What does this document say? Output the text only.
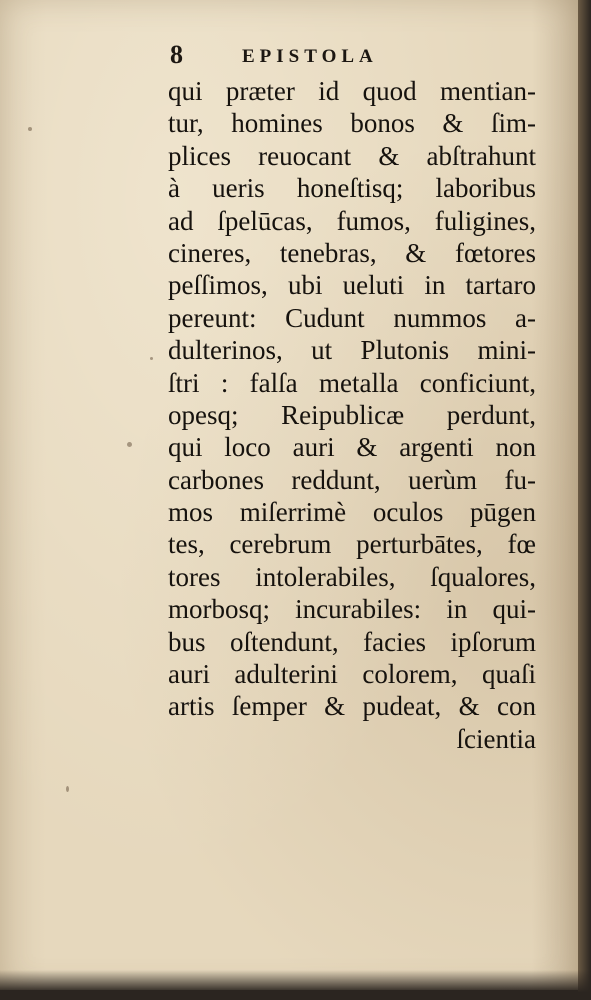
8	EPISTOLA
qui præter id quod mentian-
tur, homines bonos & ſim-
plices reuocant & abſtrahunt
à ueris honeſtisq; laboribus
ad ſpelūcas, fumos, fuligines,
cineres, tenebras, & fœtores
peſſimos, ubi ueluti in tartaro
pereunt: Cudunt nummos a-
dulterinos, ut Plutonis mini-
ſtri : falſa metalla conficiunt,
opesq; Reipublicæ perdunt,
qui loco auri & argenti non
carbones reddunt, uerùm fu-
mos miſerrimè oculos pūgen
tes, cerebrum perturbātes, fœ
tores intolerabiles, ſqualores,
morbosq; incurabiles: in qui-
bus oſtendunt, facies ipſorum
auri adulterini colorem, quaſi
artis ſemper & pudeat, & con
ſcientia
